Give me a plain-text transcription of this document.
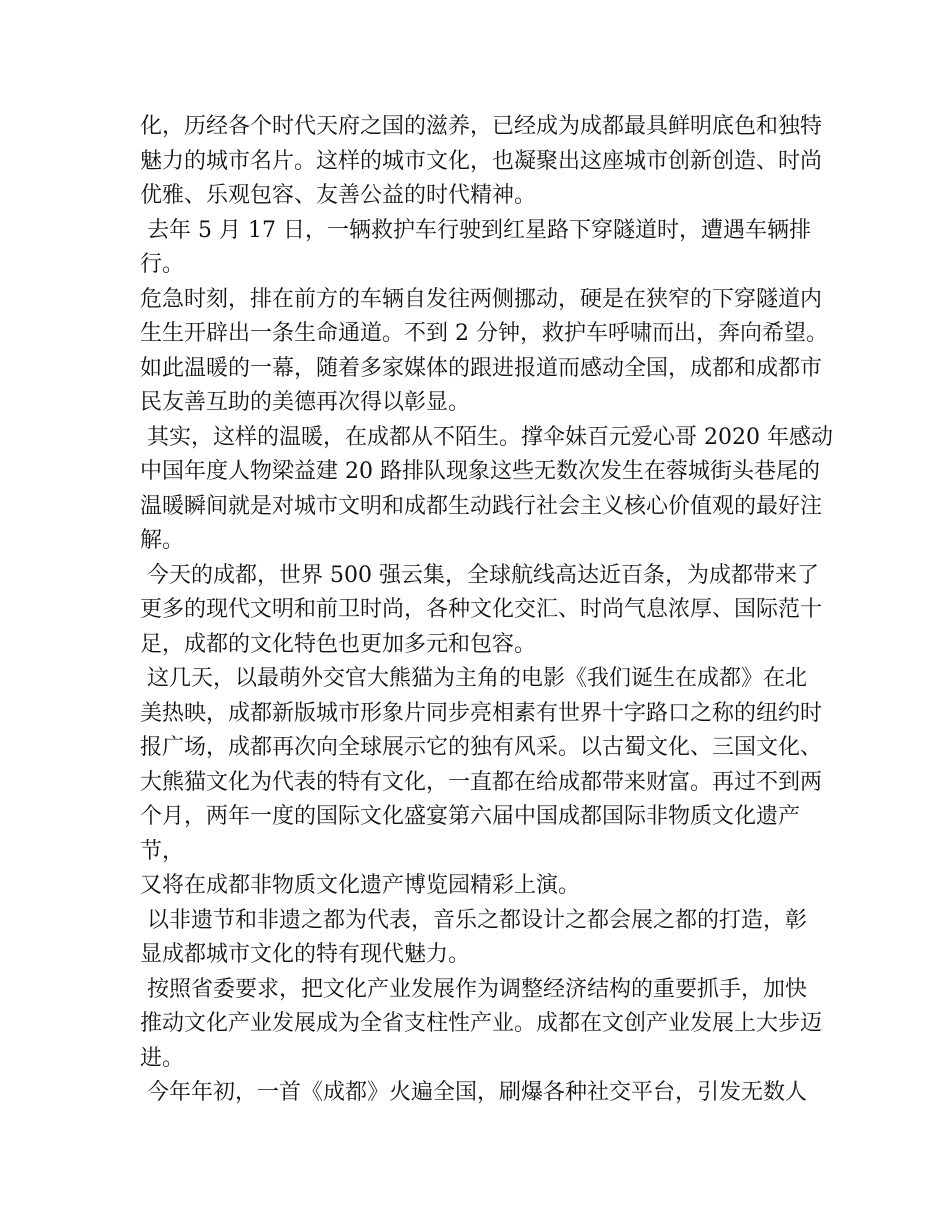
化，历经各个时代天府之国的滋养，已经成为成都最具鲜明底色和独特
魅力的城市名片。这样的城市文化，也凝聚出这座城市创新创造、时尚
优雅、乐观包容、友善公益的时代精神。

去年 5 月 17 日，一辆救护车行驶到红星路下穿隧道时，遭遇车辆排行。
危急时刻，排在前方的车辆自发往两侧挪动，硬是在狭窄的下穿隧道内
生生开辟出一条生命通道。不到 2 分钟，救护车呼啸而出，奔向希望。
如此温暖的一幕，随着多家媒体的跟进报道而感动全国，成都和成都市
民友善互助的美德再次得以彰显。

其实，这样的温暖，在成都从不陌生。撑伞妹百元爱心哥 2020 年感动
中国年度人物梁益建 20 路排队现象这些无数次发生在蓉城街头巷尾的
温暖瞬间就是对城市文明和成都生动践行社会主义核心价值观的最好注
解。

今天的成都，世界 500 强云集，全球航线高达近百条，为成都带来了
更多的现代文明和前卫时尚，各种文化交汇、时尚气息浓厚、国际范十
足，成都的文化特色也更加多元和包容。

这几天，以最萌外交官大熊猫为主角的电影《我们诞生在成都》在北
美热映，成都新版城市形象片同步亮相素有世界十字路口之称的纽约时
报广场，成都再次向全球展示它的独有风采。以古蜀文化、三国文化、
大熊猫文化为代表的特有文化，一直都在给成都带来财富。再过不到两
个月，两年一度的国际文化盛宴第六届中国成都国际非物质文化遗产节，
又将在成都非物质文化遗产博览园精彩上演。

以非遗节和非遗之都为代表，音乐之都设计之都会展之都的打造，彰
显成都城市文化的特有现代魅力。

按照省委要求，把文化产业发展作为调整经济结构的重要抓手，加快
推动文化产业发展成为全省支柱性产业。成都在文创产业发展上大步迈
进。

今年年初，一首《成都》火遍全国，刷爆各种社交平台，引发无数人
